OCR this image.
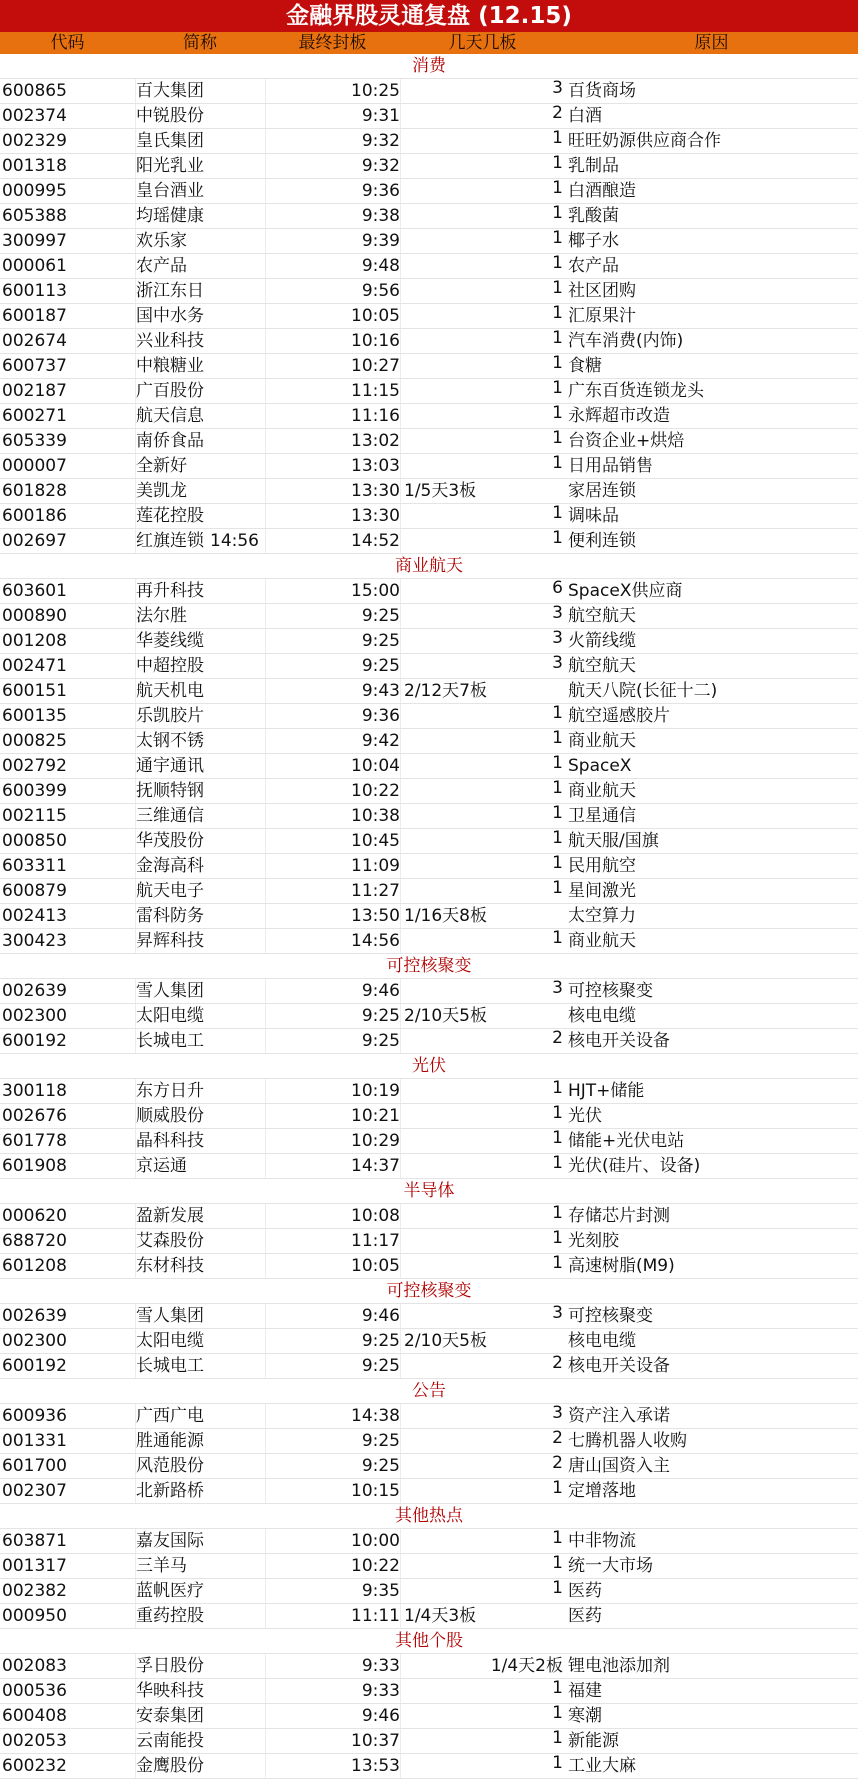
金融界股灵通复盘 (12.15)
代码	简称	最终封板	几天几板	原因
消费
600865	百大集团	10:25	3 百货商场
002374	中锐股份	9:31	2 白酒
002329	皇氏集团	9:32	1 旺旺奶源供应商合作
001318	阳光乳业	9:32	1 乳制品
000995	皇台酒业	9:36	1 白酒酿造
605388	均瑶健康	9:38	1 乳酸菌
300997	欢乐家	9:39	1 椰子水
000061	农产品	9:48	1 农产品
600113	浙江东日	9:56	1 社区团购
600187	国中水务	10:05	1 汇原果汁
002674	兴业科技	10:16	1 汽车消费(内饰)
600737	中粮糖业	10:27	1 食糖
002187	广百股份	11:15	1 广东百货连锁龙头
600271	航天信息	11:16	1 永辉超市改造
605339	南侨食品	13:02	1 台资企业+烘焙
000007	全新好	13:03	1 日用品销售
601828	美凯龙	13:30 1/5天3板	家居连锁
600186	莲花控股	13:30	1 调味品
002697	红旗连锁 14:56	14:52	1 便利连锁
商业航天
603601	再升科技	15:00	6 SpaceX供应商
000890	法尔胜	9:25	3 航空航天
001208	华菱线缆	9:25	3 火箭线缆
002471	中超控股	9:25	3 航空航天
600151	航天机电	9:43 2/12天7板	航天八院(长征十二)
600135	乐凯胶片	9:36	1 航空遥感胶片
000825	太钢不锈	9:42	1 商业航天
002792	通宇通讯	10:04	1 SpaceX
600399	抚顺特钢	10:22	1 商业航天
002115	三维通信	10:38	1 卫星通信
000850	华茂股份	10:45	1 航天服/国旗
603311	金海高科	11:09	1 民用航空
600879	航天电子	11:27	1 星间激光
002413	雷科防务	13:50 1/16天8板	太空算力
300423	昇辉科技	14:56	1 商业航天
可控核聚变
002639	雪人集团	9:46	3 可控核聚变
002300	太阳电缆	9:25 2/10天5板	核电电缆
600192	长城电工	9:25	2 核电开关设备
光伏
300118	东方日升	10:19	1 HJT+储能
002676	顺威股份	10:21	1 光伏
601778	晶科科技	10:29	1 储能+光伏电站
601908	京运通	14:37	1 光伏(硅片、设备)
半导体
000620	盈新发展	10:08	1 存储芯片封测
688720	艾森股份	11:17	1 光刻胶
601208	东材科技	10:05	1 高速树脂(M9)
可控核聚变
002639	雪人集团	9:46	3 可控核聚变
002300	太阳电缆	9:25 2/10天5板	核电电缆
600192	长城电工	9:25	2 核电开关设备
公告
600936	广西广电	14:38	3 资产注入承诺
001331	胜通能源	9:25	2 七腾机器人收购
601700	风范股份	9:25	2 唐山国资入主
002307	北新路桥	10:15	1 定增落地
其他热点
603871	嘉友国际	10:00	1 中非物流
001317	三羊马	10:22	1 统一大市场
002382	蓝帆医疗	9:35	1 医药
000950	重药控股	11:11 1/4天3板	医药
其他个股
002083	孚日股份	9:33	1/4天2板 锂电池添加剂
000536	华映科技	9:33	1 福建
600408	安泰集团	9:46	1 寒潮
002053	云南能投	10:37	1 新能源
600232	金鹰股份	13:53	1 工业大麻
